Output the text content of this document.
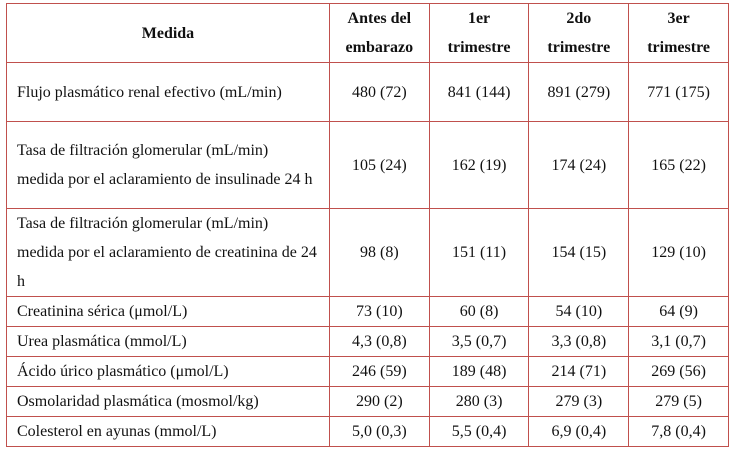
Medida	Antes del embarazo	1er trimestre	2do trimestre	3er trimestre
Flujo plasmático renal efectivo (mL/min)	480 (72)	841 (144)	891 (279)	771 (175)
Tasa de filtración glomerular (mL/min) medida por el aclaramiento de insulinade 24 h	105 (24)	162 (19)	174 (24)	165 (22)
Tasa de filtración glomerular (mL/min) medida por el aclaramiento de creatinina de 24 h	98 (8)	151 (11)	154 (15)	129 (10)
Creatinina sérica (μmol/L)	73 (10)	60 (8)	54 (10)	64 (9)
Urea plasmática (mmol/L)	4,3 (0,8)	3,5 (0,7)	3,3 (0,8)	3,1 (0,7)
Ácido úrico plasmático (μmol/L)	246 (59)	189 (48)	214 (71)	269 (56)
Osmolaridad plasmática (mosmol/kg)	290 (2)	280 (3)	279 (3)	279 (5)
Colesterol en ayunas (mmol/L)	5,0 (0,3)	5,5 (0,4)	6,9 (0,4)	7,8 (0,4)
